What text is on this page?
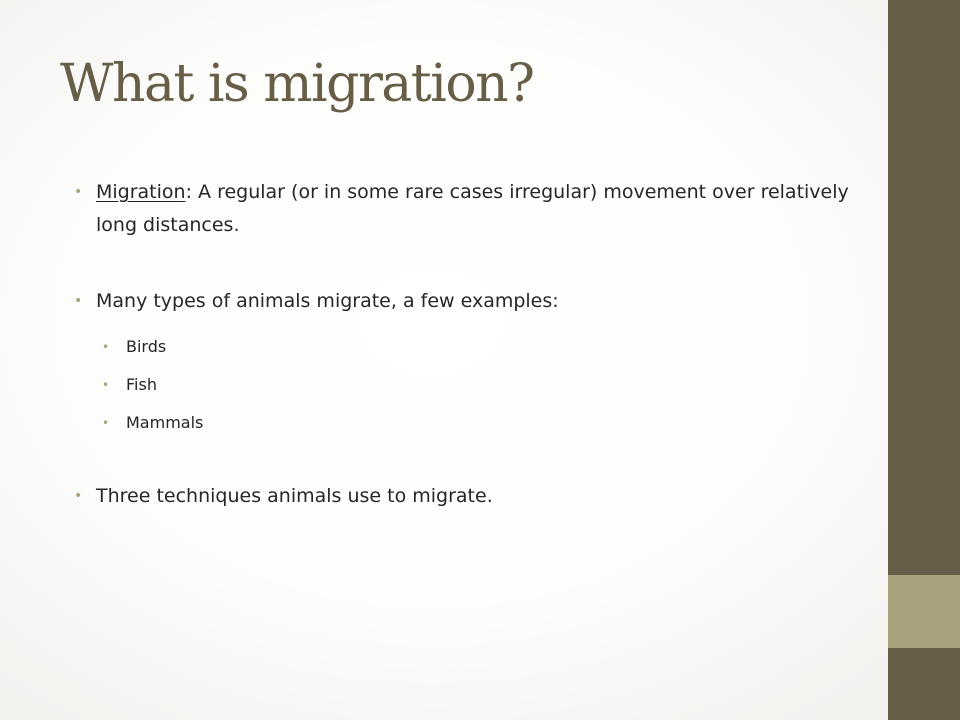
What is migration?
• Migration: A regular (or in some rare cases irregular) movement over relatively long distances.
• Many types of animals migrate, a few examples:
• Birds
• Fish
• Mammals
• Three techniques animals use to migrate.
